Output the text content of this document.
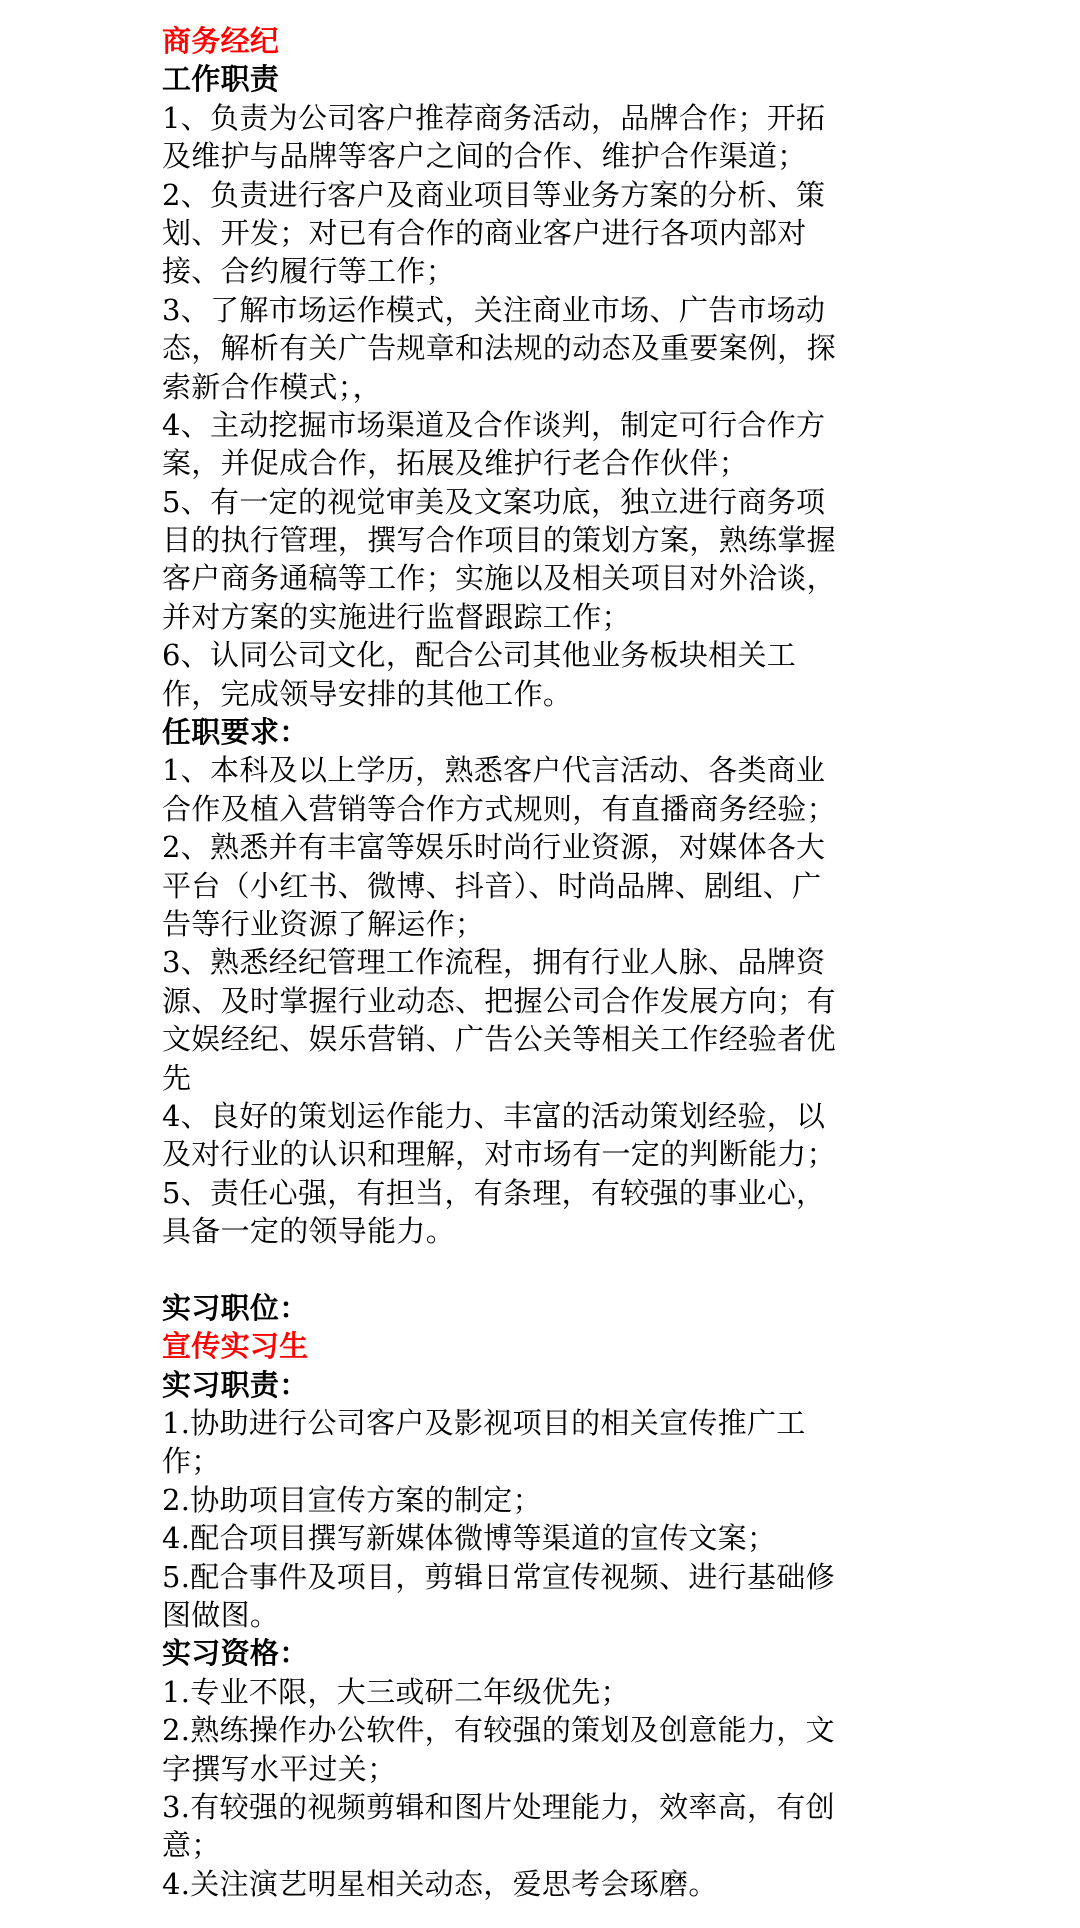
商务经纪
工作职责
1、负责为公司客户推荐商务活动，品牌合作；开拓
及维护与品牌等客户之间的合作、维护合作渠道；
2、负责进行客户及商业项目等业务方案的分析、策
划、开发；对已有合作的商业客户进行各项内部对
接、合约履行等工作；
3、了解市场运作模式，关注商业市场、广告市场动
态，解析有关广告规章和法规的动态及重要案例，探
索新合作模式；，
4、主动挖掘市场渠道及合作谈判，制定可行合作方
案，并促成合作，拓展及维护行老合作伙伴；
5、有一定的视觉审美及文案功底，独立进行商务项
目的执行管理，撰写合作项目的策划方案，熟练掌握
客户商务通稿等工作；实施以及相关项目对外洽谈，
并对方案的实施进行监督跟踪工作；
6、认同公司文化，配合公司其他业务板块相关工
作，完成领导安排的其他工作。
任职要求：
1、本科及以上学历，熟悉客户代言活动、各类商业
合作及植入营销等合作方式规则，有直播商务经验；
2、熟悉并有丰富等娱乐时尚行业资源，对媒体各大
平台（小红书、微博、抖音）、时尚品牌、剧组、广
告等行业资源了解运作；
3、熟悉经纪管理工作流程，拥有行业人脉、品牌资
源、及时掌握行业动态、把握公司合作发展方向；有
文娱经纪、娱乐营销、广告公关等相关工作经验者优
先
4、良好的策划运作能力、丰富的活动策划经验，以
及对行业的认识和理解，对市场有一定的判断能力；
5、责任心强，有担当，有条理，有较强的事业心，
具备一定的领导能力。
实习职位：
宣传实习生
实习职责：
1.协助进行公司客户及影视项目的相关宣传推广工
作；
2.协助项目宣传方案的制定；
4.配合项目撰写新媒体微博等渠道的宣传文案；
5.配合事件及项目，剪辑日常宣传视频、进行基础修
图做图。
实习资格：
1.专业不限，大三或研二年级优先；
2.熟练操作办公软件，有较强的策划及创意能力，文
字撰写水平过关；
3.有较强的视频剪辑和图片处理能力，效率高，有创
意；
4.关注演艺明星相关动态，爱思考会琢磨。
